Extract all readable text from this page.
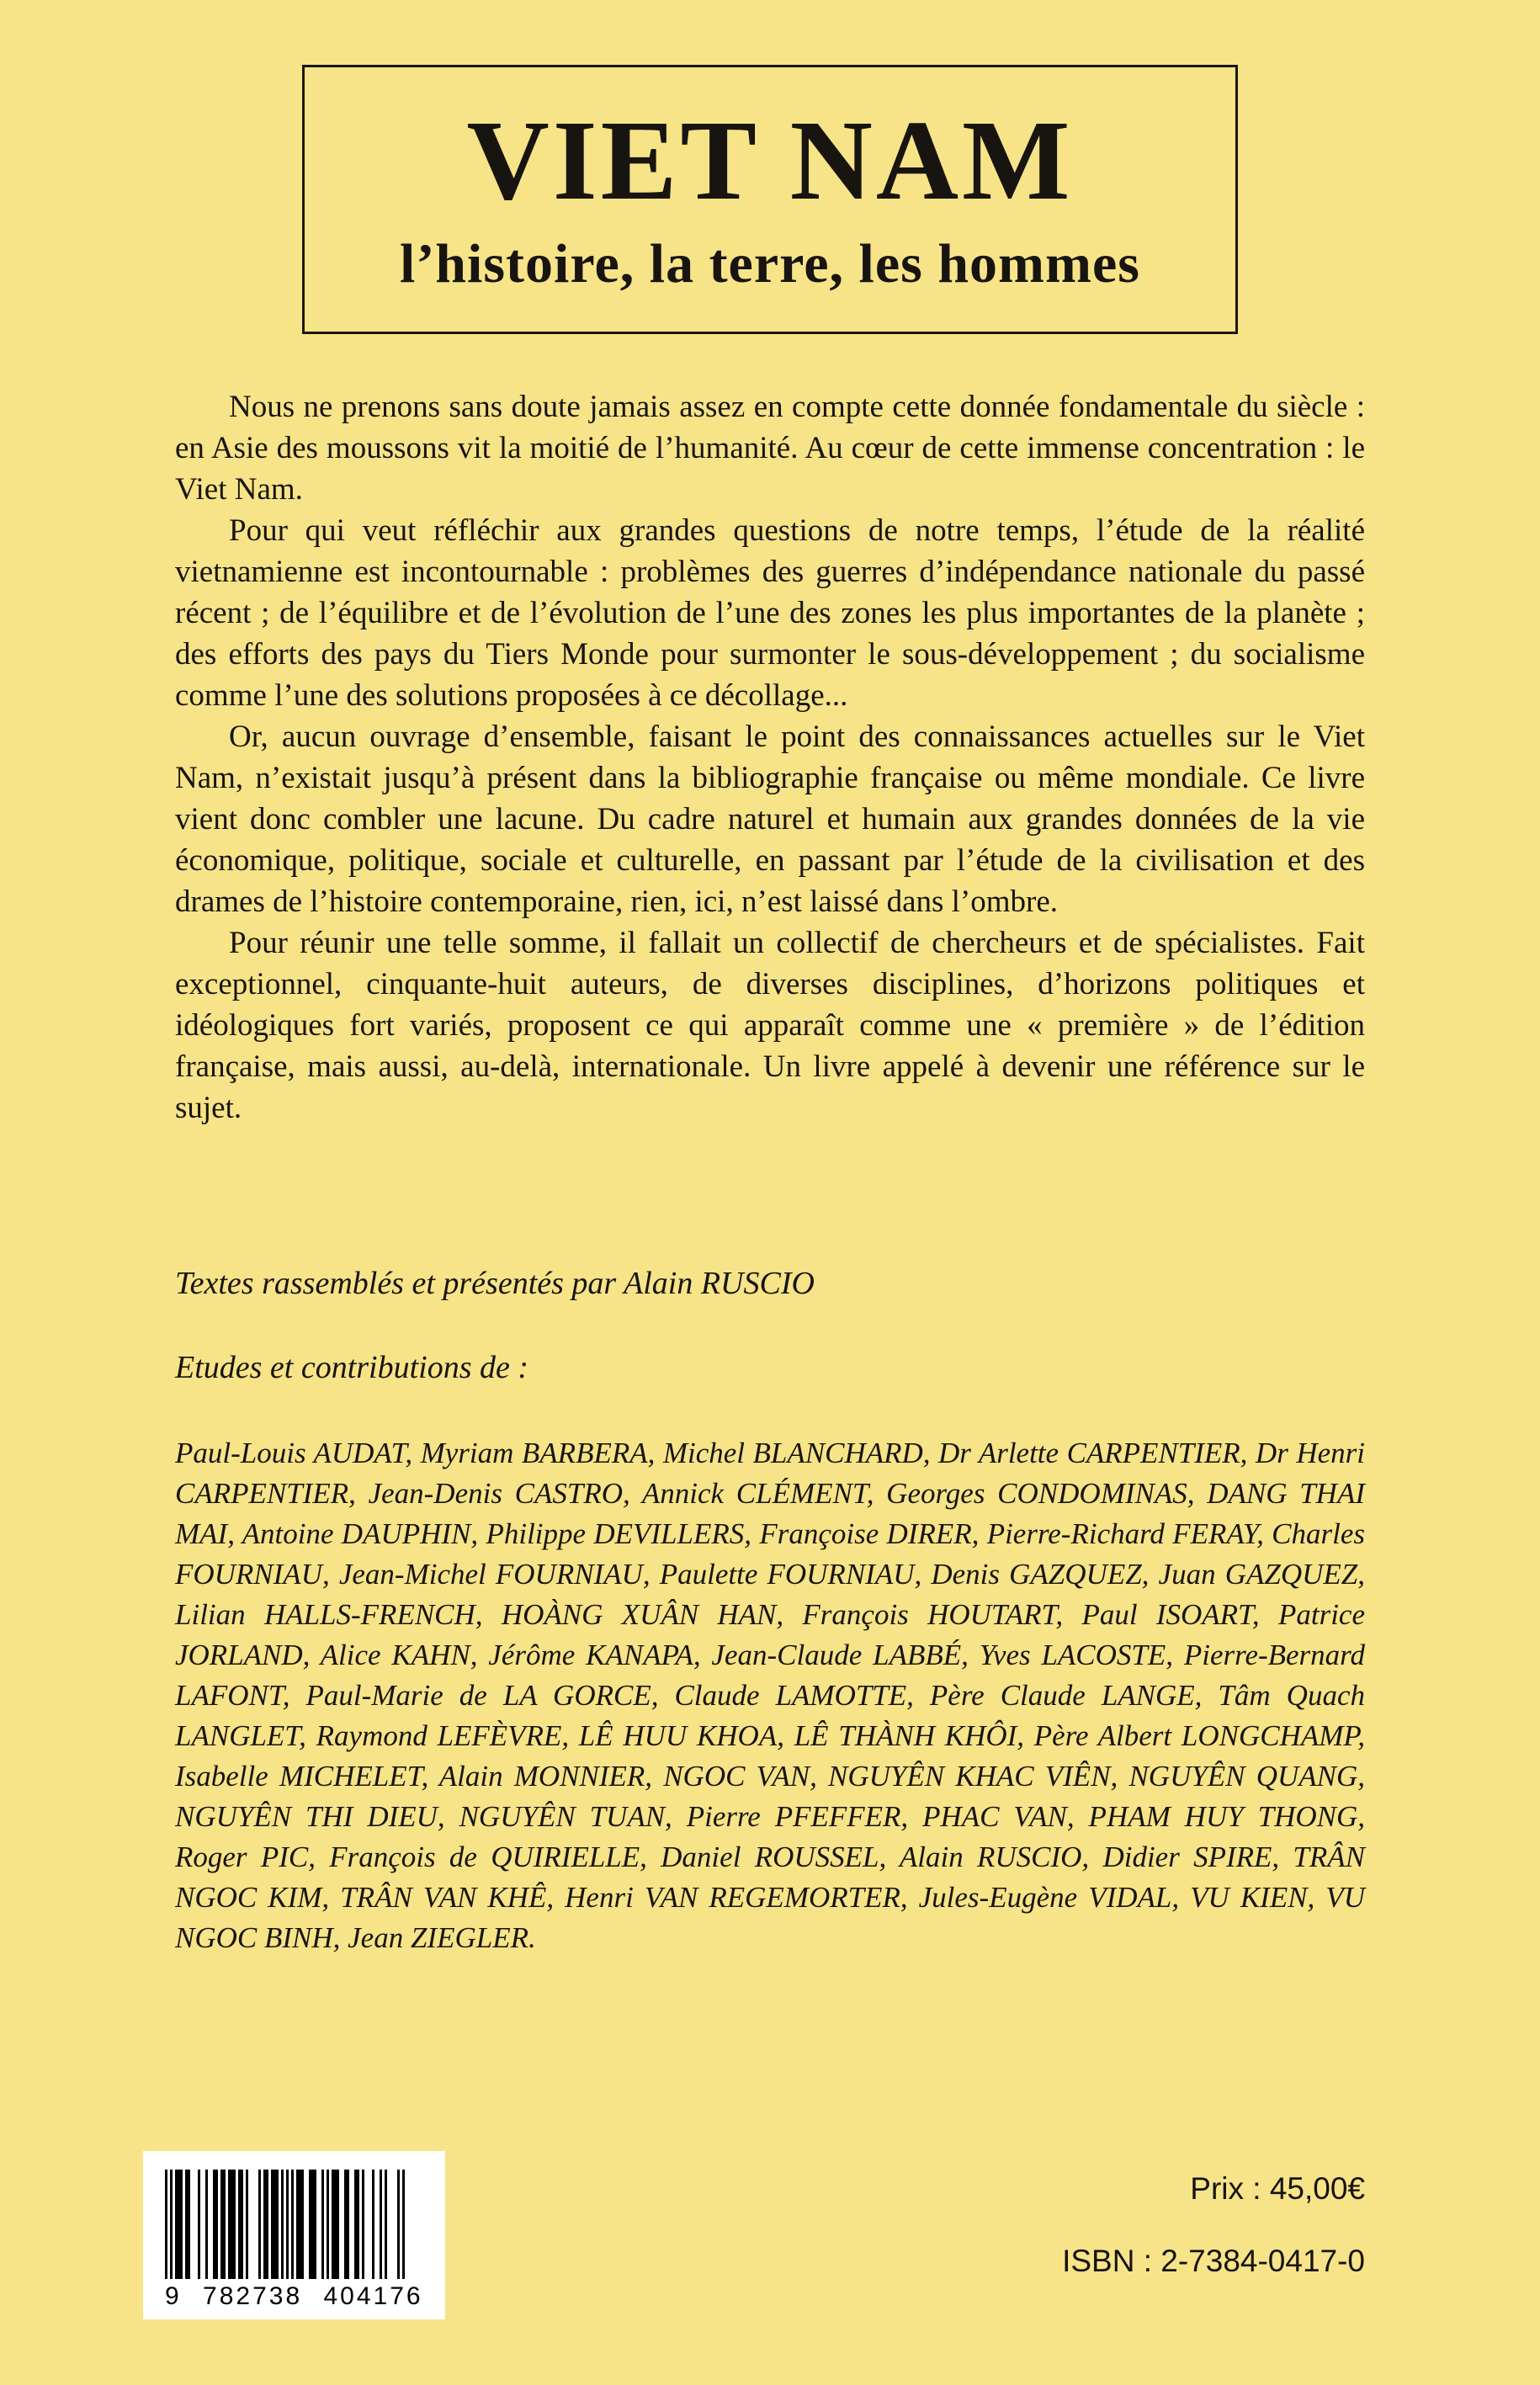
VIET NAM
l’histoire, la terre, les hommes

Nous ne prenons sans doute jamais assez en compte cette donnée fondamentale du siècle : en Asie des moussons vit la moitié de l’humanité. Au cœur de cette immense concentration : le Viet Nam.

Pour qui veut réfléchir aux grandes questions de notre temps, l’étude de la réalité vietnamienne est incontournable : problèmes des guerres d’indépendance nationale du passé récent ; de l’équilibre et de l’évolution de l’une des zones les plus importantes de la planète ; des efforts des pays du Tiers Monde pour surmonter le sous-développement ; du socialisme comme l’une des solutions proposées à ce décollage...

Or, aucun ouvrage d’ensemble, faisant le point des connaissances actuelles sur le Viet Nam, n’existait jusqu’à présent dans la bibliographie française ou même mondiale. Ce livre vient donc combler une lacune. Du cadre naturel et humain aux grandes données de la vie économique, politique, sociale et culturelle, en passant par l’étude de la civilisation et des drames de l’histoire contemporaine, rien, ici, n’est laissé dans l’ombre.

Pour réunir une telle somme, il fallait un collectif de chercheurs et de spécialistes. Fait exceptionnel, cinquante-huit auteurs, de diverses disciplines, d’horizons politiques et idéologiques fort variés, proposent ce qui apparaît comme une « première » de l’édition française, mais aussi, au-delà, internationale. Un livre appelé à devenir une référence sur le sujet.

Textes rassemblés et présentés par Alain RUSCIO

Etudes et contributions de :

Paul-Louis AUDAT, Myriam BARBERA, Michel BLANCHARD, Dr Arlette CARPENTIER, Dr Henri CARPENTIER, Jean-Denis CASTRO, Annick CLÉMENT, Georges CONDOMINAS, DANG THAI MAI, Antoine DAUPHIN, Philippe DEVILLERS, Françoise DIRER, Pierre-Richard FERAY, Charles FOURNIAU, Jean-Michel FOURNIAU, Paulette FOURNIAU, Denis GAZQUEZ, Juan GAZQUEZ, Lilian HALLS-FRENCH, HOÀNG XUÂN HAN, François HOUTART, Paul ISOART, Patrice JORLAND, Alice KAHN, Jérôme KANAPA, Jean-Claude LABBÉ, Yves LACOSTE, Pierre-Bernard LAFONT, Paul-Marie de LA GORCE, Claude LAMOTTE, Père Claude LANGE, Tâm Quach LANGLET, Raymond LEFÈVRE, LÊ HUU KHOA, LÊ THÀNH KHÔI, Père Albert LONGCHAMP, Isabelle MICHELET, Alain MONNIER, NGOC VAN, NGUYÊN KHAC VIÊN, NGUYÊN QUANG, NGUYÊN THI DIEU, NGUYÊN TUAN, Pierre PFEFFER, PHAC VAN, PHAM HUY THONG, Roger PIC, François de QUIRIELLE, Daniel ROUSSEL, Alain RUSCIO, Didier SPIRE, TRÂN NGOC KIM, TRÂN VAN KHÊ, Henri VAN REGEMORTER, Jules-Eugène VIDAL, VU KIEN, VU NGOC BINH, Jean ZIEGLER.

9 782738 404176

Prix : 45,00€

ISBN : 2-7384-0417-0
